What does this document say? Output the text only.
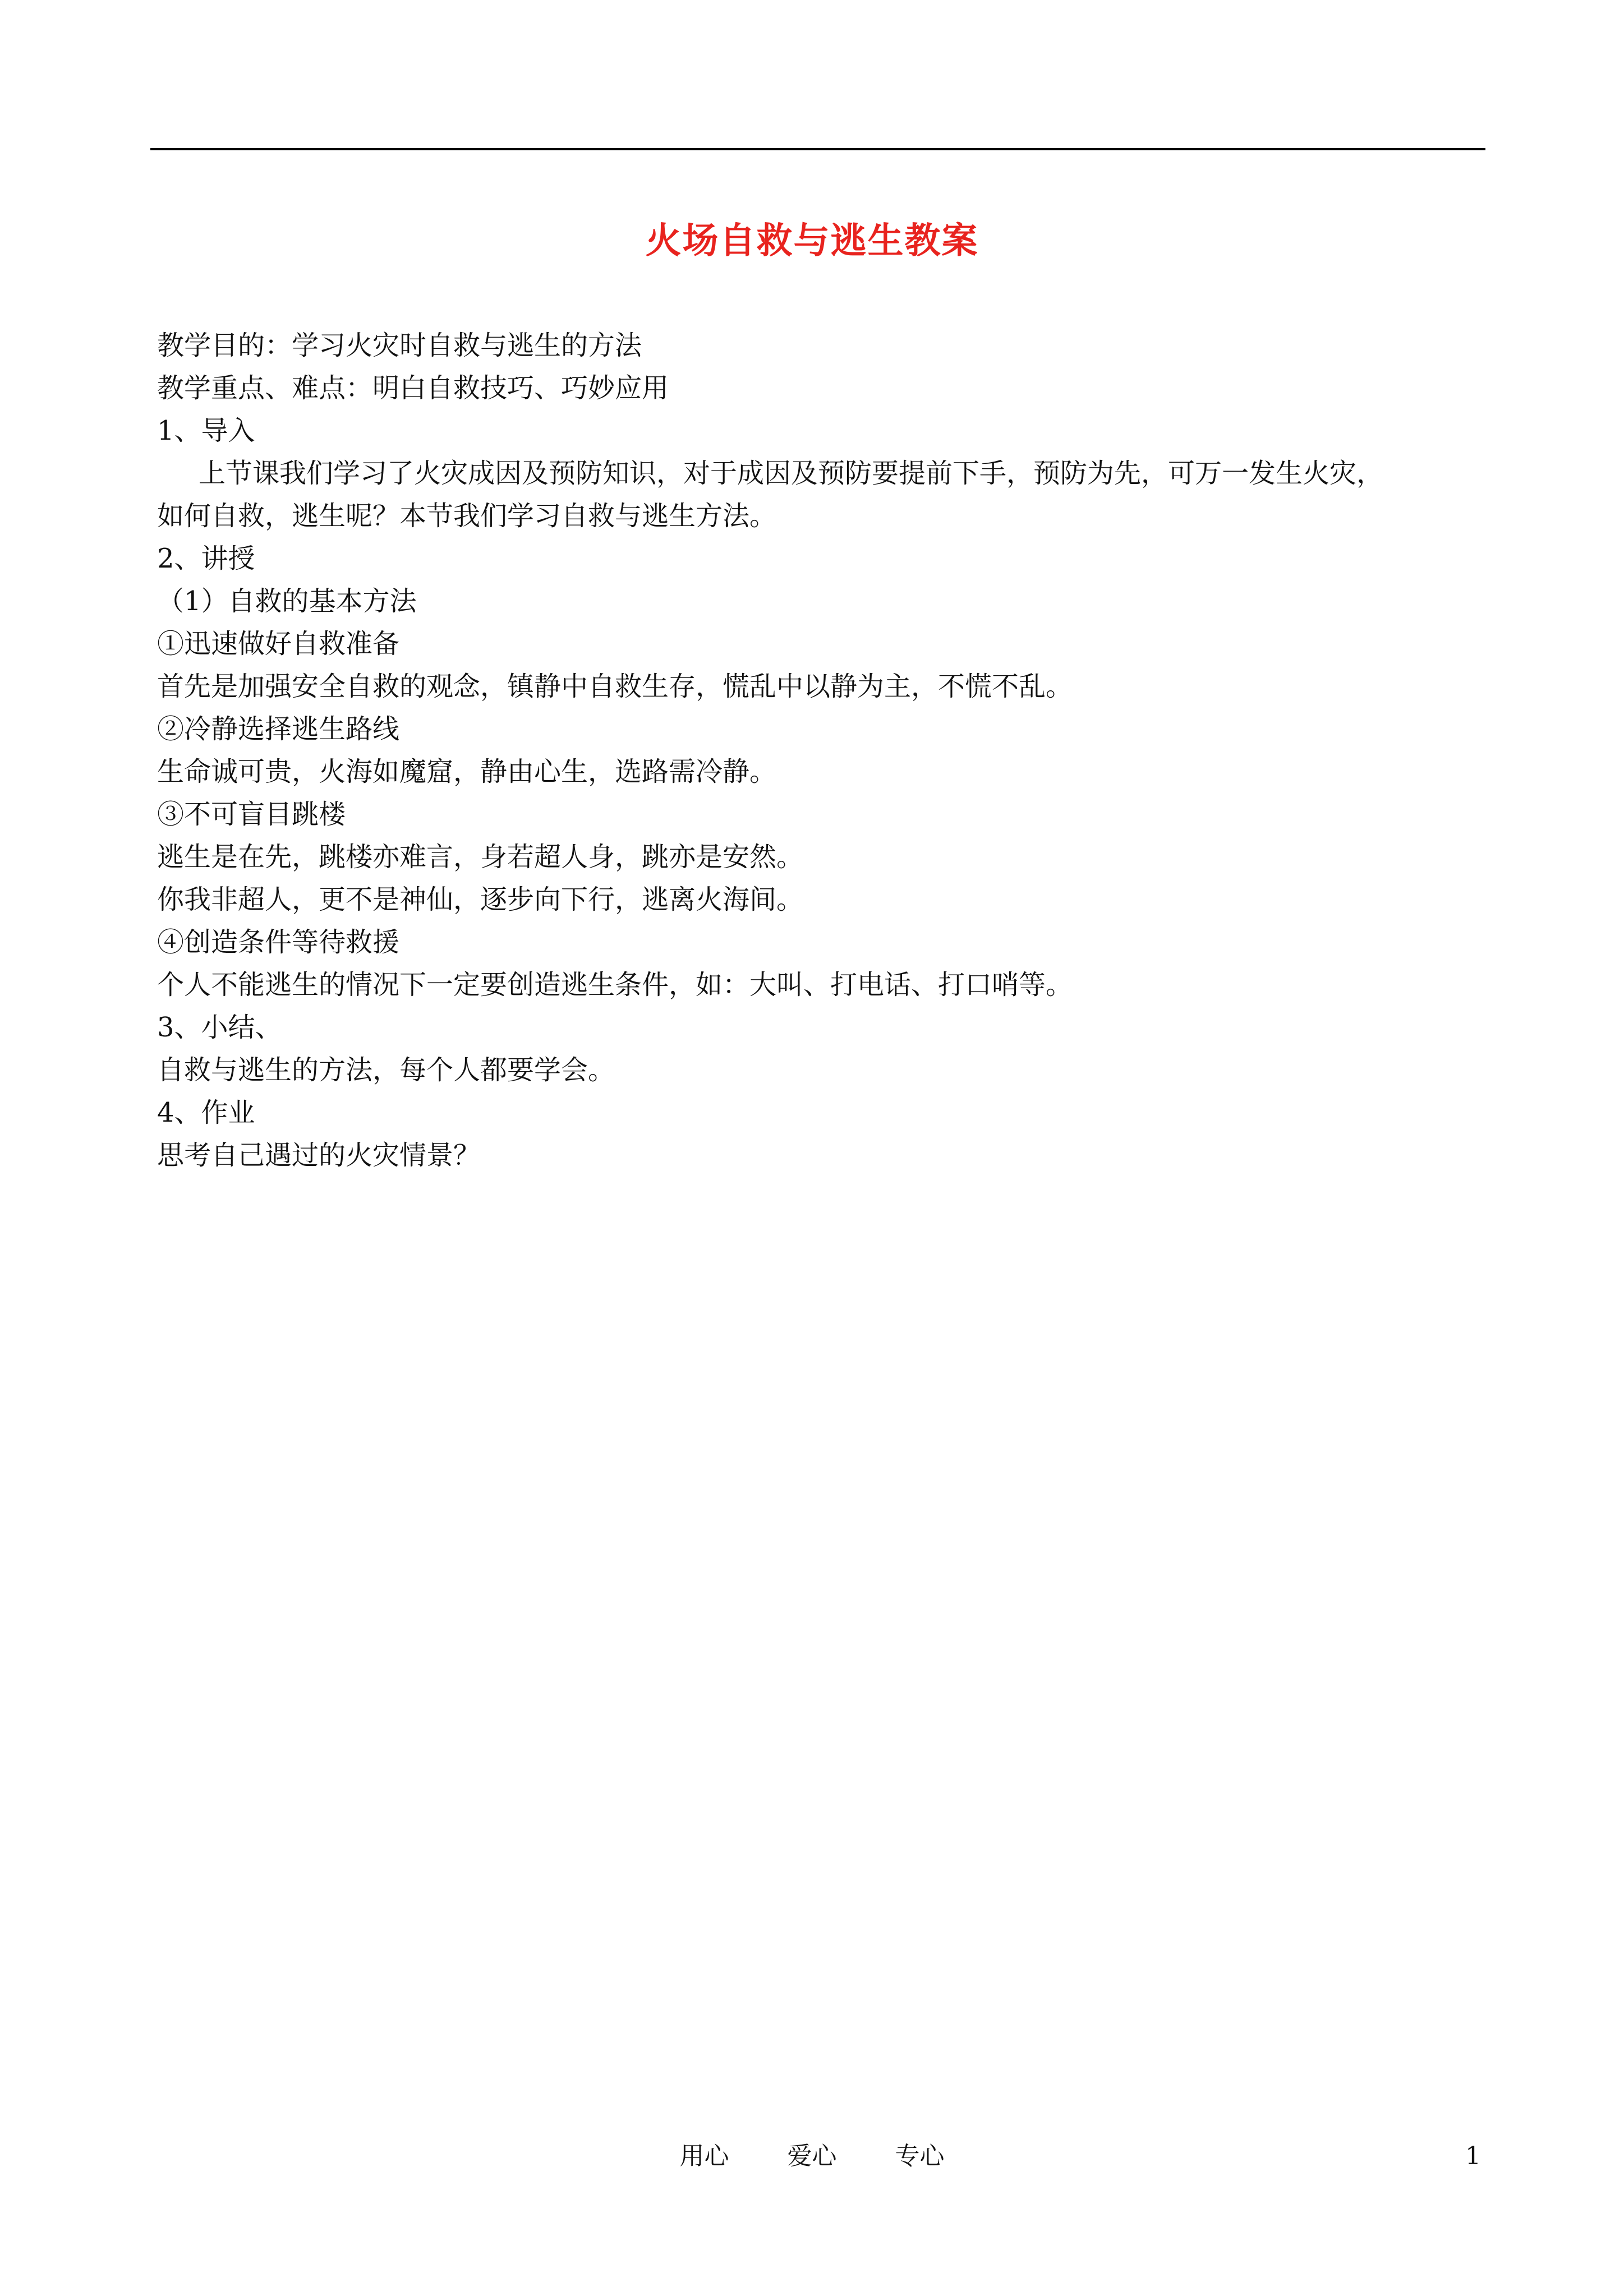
火场自救与逃生教案
教学目的：学习火灾时自救与逃生的方法
教学重点、难点：明白自救技巧、巧妙应用
1、导入
上节课我们学习了火灾成因及预防知识，对于成因及预防要提前下手，预防为先，可万一发生火灾，
如何自救，逃生呢？本节我们学习自救与逃生方法。
2、讲授
（1）自救的基本方法
①迅速做好自救准备
首先是加强安全自救的观念，镇静中自救生存，慌乱中以静为主，不慌不乱。
②冷静选择逃生路线
生命诚可贵，火海如魔窟，静由心生，选路需冷静。
③不可盲目跳楼
逃生是在先，跳楼亦难言，身若超人身，跳亦是安然。
你我非超人，更不是神仙，逐步向下行，逃离火海间。
④创造条件等待救援
个人不能逃生的情况下一定要创造逃生条件，如：大叫、打电话、打口哨等。
3、小结、
自救与逃生的方法，每个人都要学会。
4、作业
思考自己遇过的火灾情景？
用心 爱心 专心	1
